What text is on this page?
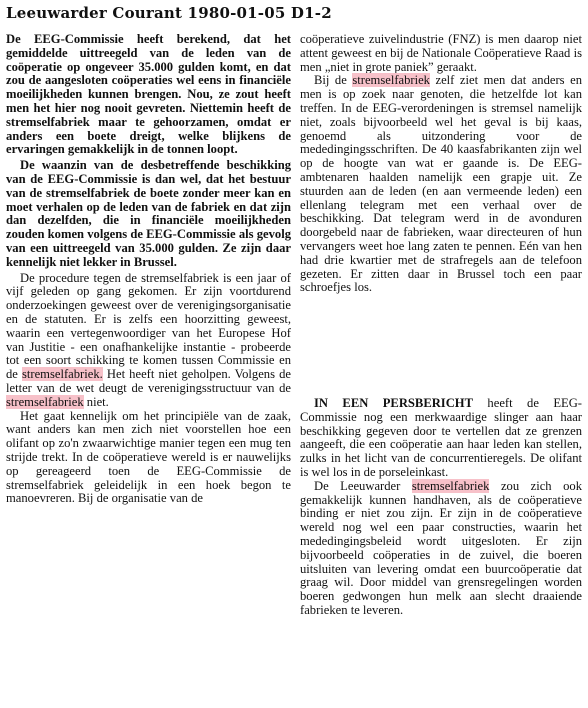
Leeuwarder Courant 1980-01-05 D1-2

De EEG-Commissie heeft berekend, dat het gemiddelde uittreegeld van de leden van de coöperatie op ongeveer 35.000 gulden komt, en dat zou de aangesloten coöperaties wel eens in financiële moeilijkheden kunnen brengen. Nou, ze zout heeft men het hier nog nooit gevreten. Niettemin heeft de stremselfabriek maar te gehoorzamen, omdat er anders een boete dreigt, welke blijkens de ervaringen gemakkelijk in de tonnen loopt.

De waanzin van de desbetreffende beschikking van de EEG-Commissie is dan wel, dat het bestuur van de stremselfabriek de boete zonder meer kan en moet verhalen op de leden van de fabriek en dat zijn dan dezelfden, die in financiële moeilijkheden zouden komen volgens de EEG-Commissie als gevolg van een uittreegeld van 35.000 gulden. Ze zijn daar kennelijk niet lekker in Brussel.

De procedure tegen de stremselfabriek is een jaar of vijf geleden op gang gekomen. Er zijn voortdurend onderzoekingen geweest over de verenigingsorganisatie en de statuten. Er is zelfs een hoorzitting geweest, waarin een vertegenwoordiger van het Europese Hof van Justitie - een onafhankelijke instantie - probeerde tot een soort schikking te komen tussen Commissie en de stremselfabriek. Het heeft niet geholpen. Volgens de letter van de wet deugt de verenigingsstructuur van de stremselfabriek niet.

Het gaat kennelijk om het principiële van de zaak, want anders kan men zich niet voorstellen hoe een olifant op zo'n zwaarwichtige manier tegen een mug ten strijde trekt. In de coöperatieve wereld is er nauwelijks op gereageerd toen de EEG-Commissie de stremselfabriek geleidelijk in een hoek begon te manoevreren. Bij de organisatie van de

coöperatieve zuivelindustrie (FNZ) is men daarop niet attent geweest en bij de Nationale Coöperatieve Raad is men „niet in grote paniek” geraakt.

Bij de stremselfabriek zelf ziet men dat anders en men is op zoek naar genoten, die hetzelfde lot kan treffen. In de EEG-verordeningen is stremsel namelijk niet, zoals bijvoorbeeld wel het geval is bij kaas, genoemd als uitzondering voor de mededingingsschriften. De 40 kaasfabrikanten zijn wel op de hoogte van wat er gaande is. De EEG-ambtenaren haalden namelijk een grapje uit. Ze stuurden aan de leden (en aan vermeende leden) een ellenlang telegram met een verhaal over de beschikking. Dat telegram werd in de avonduren doorgebeld naar de fabrieken, waar directeuren of hun vervangers weet hoe lang zaten te pennen. Eén van hen had drie kwartier met de strafregels aan de telefoon gezeten. Er zitten daar in Brussel toch een paar schroefjes los.

IN EEN PERSBERICHT heeft de EEG-Commissie nog een merkwaardige slinger aan haar beschikking gegeven door te vertellen dat ze grenzen aangeeft, die een coöperatie aan haar leden kan stellen, zulks in het licht van de concurrentieregels. De olifant is wel los in de porseleinkast.

De Leeuwarder stremselfabriek zou zich ook gemakkelijk kunnen handhaven, als de coöperatieve binding er niet zou zijn. Er zijn in de coöperatieve wereld nog wel een paar constructies, waarin het mededingingsbeleid wordt uitgesloten. Er zijn bijvoorbeeld coöperaties in de zuivel, die boeren uitsluiten van levering omdat een buurcoöperatie dat graag wil. Door middel van grensregelingen worden boeren gedwongen hun melk aan slecht draaiende fabrieken te leveren.
